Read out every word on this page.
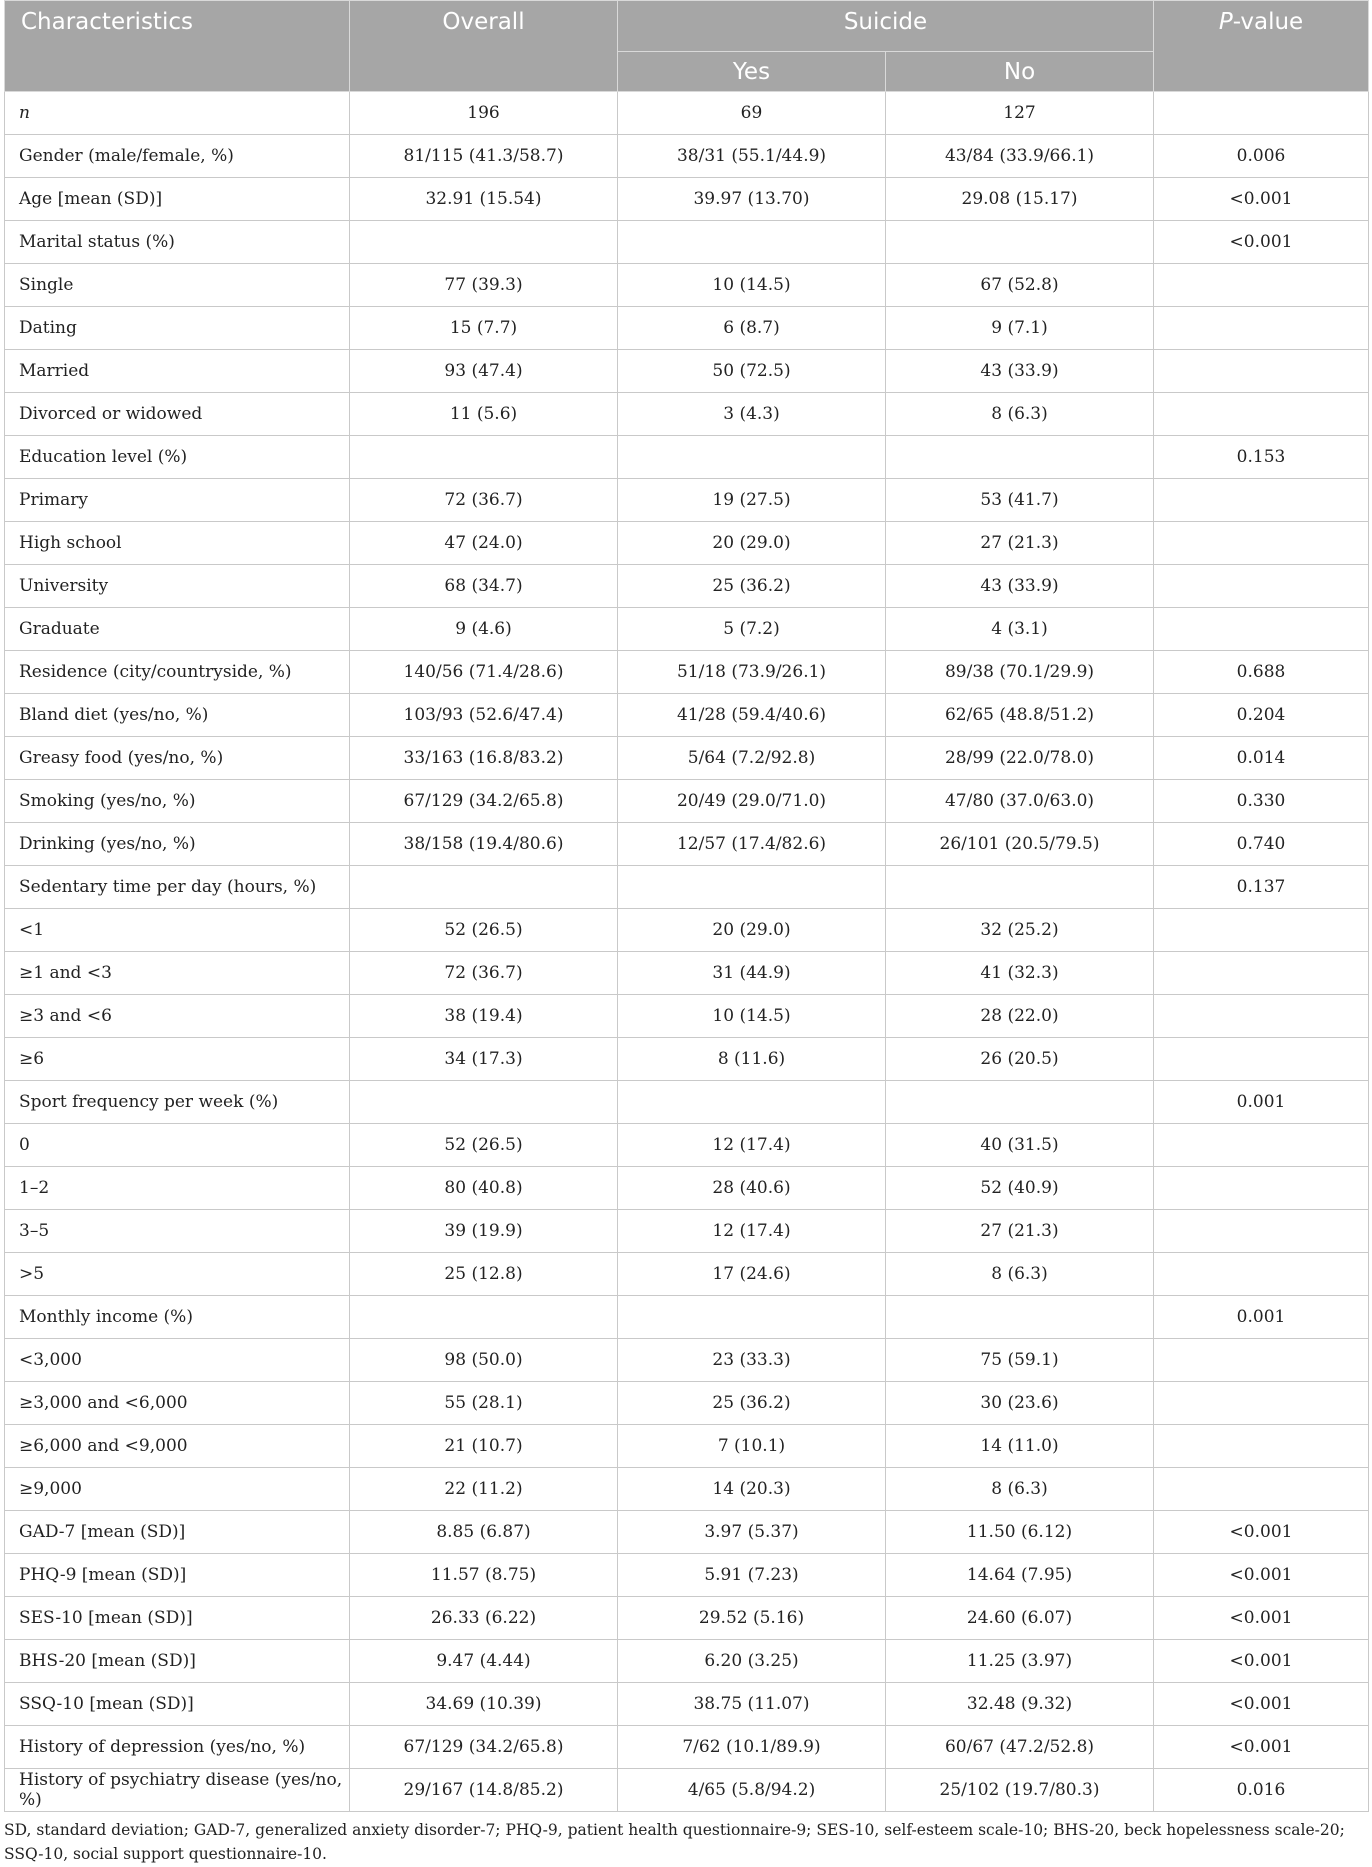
Characteristics	Overall	Suicide		P-value
		Yes	No	
n	196	69	127	
Gender (male/female, %)	81/115 (41.3/58.7)	38/31 (55.1/44.9)	43/84 (33.9/66.1)	0.006
Age [mean (SD)]	32.91 (15.54)	39.97 (13.70)	29.08 (15.17)	<0.001
Marital status (%)				<0.001
Single	77 (39.3)	10 (14.5)	67 (52.8)	
Dating	15 (7.7)	6 (8.7)	9 (7.1)	
Married	93 (47.4)	50 (72.5)	43 (33.9)	
Divorced or widowed	11 (5.6)	3 (4.3)	8 (6.3)	
Education level (%)				0.153
Primary	72 (36.7)	19 (27.5)	53 (41.7)	
High school	47 (24.0)	20 (29.0)	27 (21.3)	
University	68 (34.7)	25 (36.2)	43 (33.9)	
Graduate	9 (4.6)	5 (7.2)	4 (3.1)	
Residence (city/countryside, %)	140/56 (71.4/28.6)	51/18 (73.9/26.1)	89/38 (70.1/29.9)	0.688
Bland diet (yes/no, %)	103/93 (52.6/47.4)	41/28 (59.4/40.6)	62/65 (48.8/51.2)	0.204
Greasy food (yes/no, %)	33/163 (16.8/83.2)	5/64 (7.2/92.8)	28/99 (22.0/78.0)	0.014
Smoking (yes/no, %)	67/129 (34.2/65.8)	20/49 (29.0/71.0)	47/80 (37.0/63.0)	0.330
Drinking (yes/no, %)	38/158 (19.4/80.6)	12/57 (17.4/82.6)	26/101 (20.5/79.5)	0.740
Sedentary time per day (hours, %)				0.137
<1	52 (26.5)	20 (29.0)	32 (25.2)	
≥1 and <3	72 (36.7)	31 (44.9)	41 (32.3)	
≥3 and <6	38 (19.4)	10 (14.5)	28 (22.0)	
≥6	34 (17.3)	8 (11.6)	26 (20.5)	
Sport frequency per week (%)				0.001
0	52 (26.5)	12 (17.4)	40 (31.5)	
1–2	80 (40.8)	28 (40.6)	52 (40.9)	
3–5	39 (19.9)	12 (17.4)	27 (21.3)	
>5	25 (12.8)	17 (24.6)	8 (6.3)	
Monthly income (%)				0.001
<3,000	98 (50.0)	23 (33.3)	75 (59.1)	
≥3,000 and <6,000	55 (28.1)	25 (36.2)	30 (23.6)	
≥6,000 and <9,000	21 (10.7)	7 (10.1)	14 (11.0)	
≥9,000	22 (11.2)	14 (20.3)	8 (6.3)	
GAD-7 [mean (SD)]	8.85 (6.87)	3.97 (5.37)	11.50 (6.12)	<0.001
PHQ-9 [mean (SD)]	11.57 (8.75)	5.91 (7.23)	14.64 (7.95)	<0.001
SES-10 [mean (SD)]	26.33 (6.22)	29.52 (5.16)	24.60 (6.07)	<0.001
BHS-20 [mean (SD)]	9.47 (4.44)	6.20 (3.25)	11.25 (3.97)	<0.001
SSQ-10 [mean (SD)]	34.69 (10.39)	38.75 (11.07)	32.48 (9.32)	<0.001
History of depression (yes/no, %)	67/129 (34.2/65.8)	7/62 (10.1/89.9)	60/67 (47.2/52.8)	<0.001
History of psychiatry disease (yes/no, %)	29/167 (14.8/85.2)	4/65 (5.8/94.2)	25/102 (19.7/80.3)	0.016

SD, standard deviation; GAD-7, generalized anxiety disorder-7; PHQ-9, patient health questionnaire-9; SES-10, self-esteem scale-10; BHS-20, beck hopelessness scale-20; SSQ-10, social support questionnaire-10.
